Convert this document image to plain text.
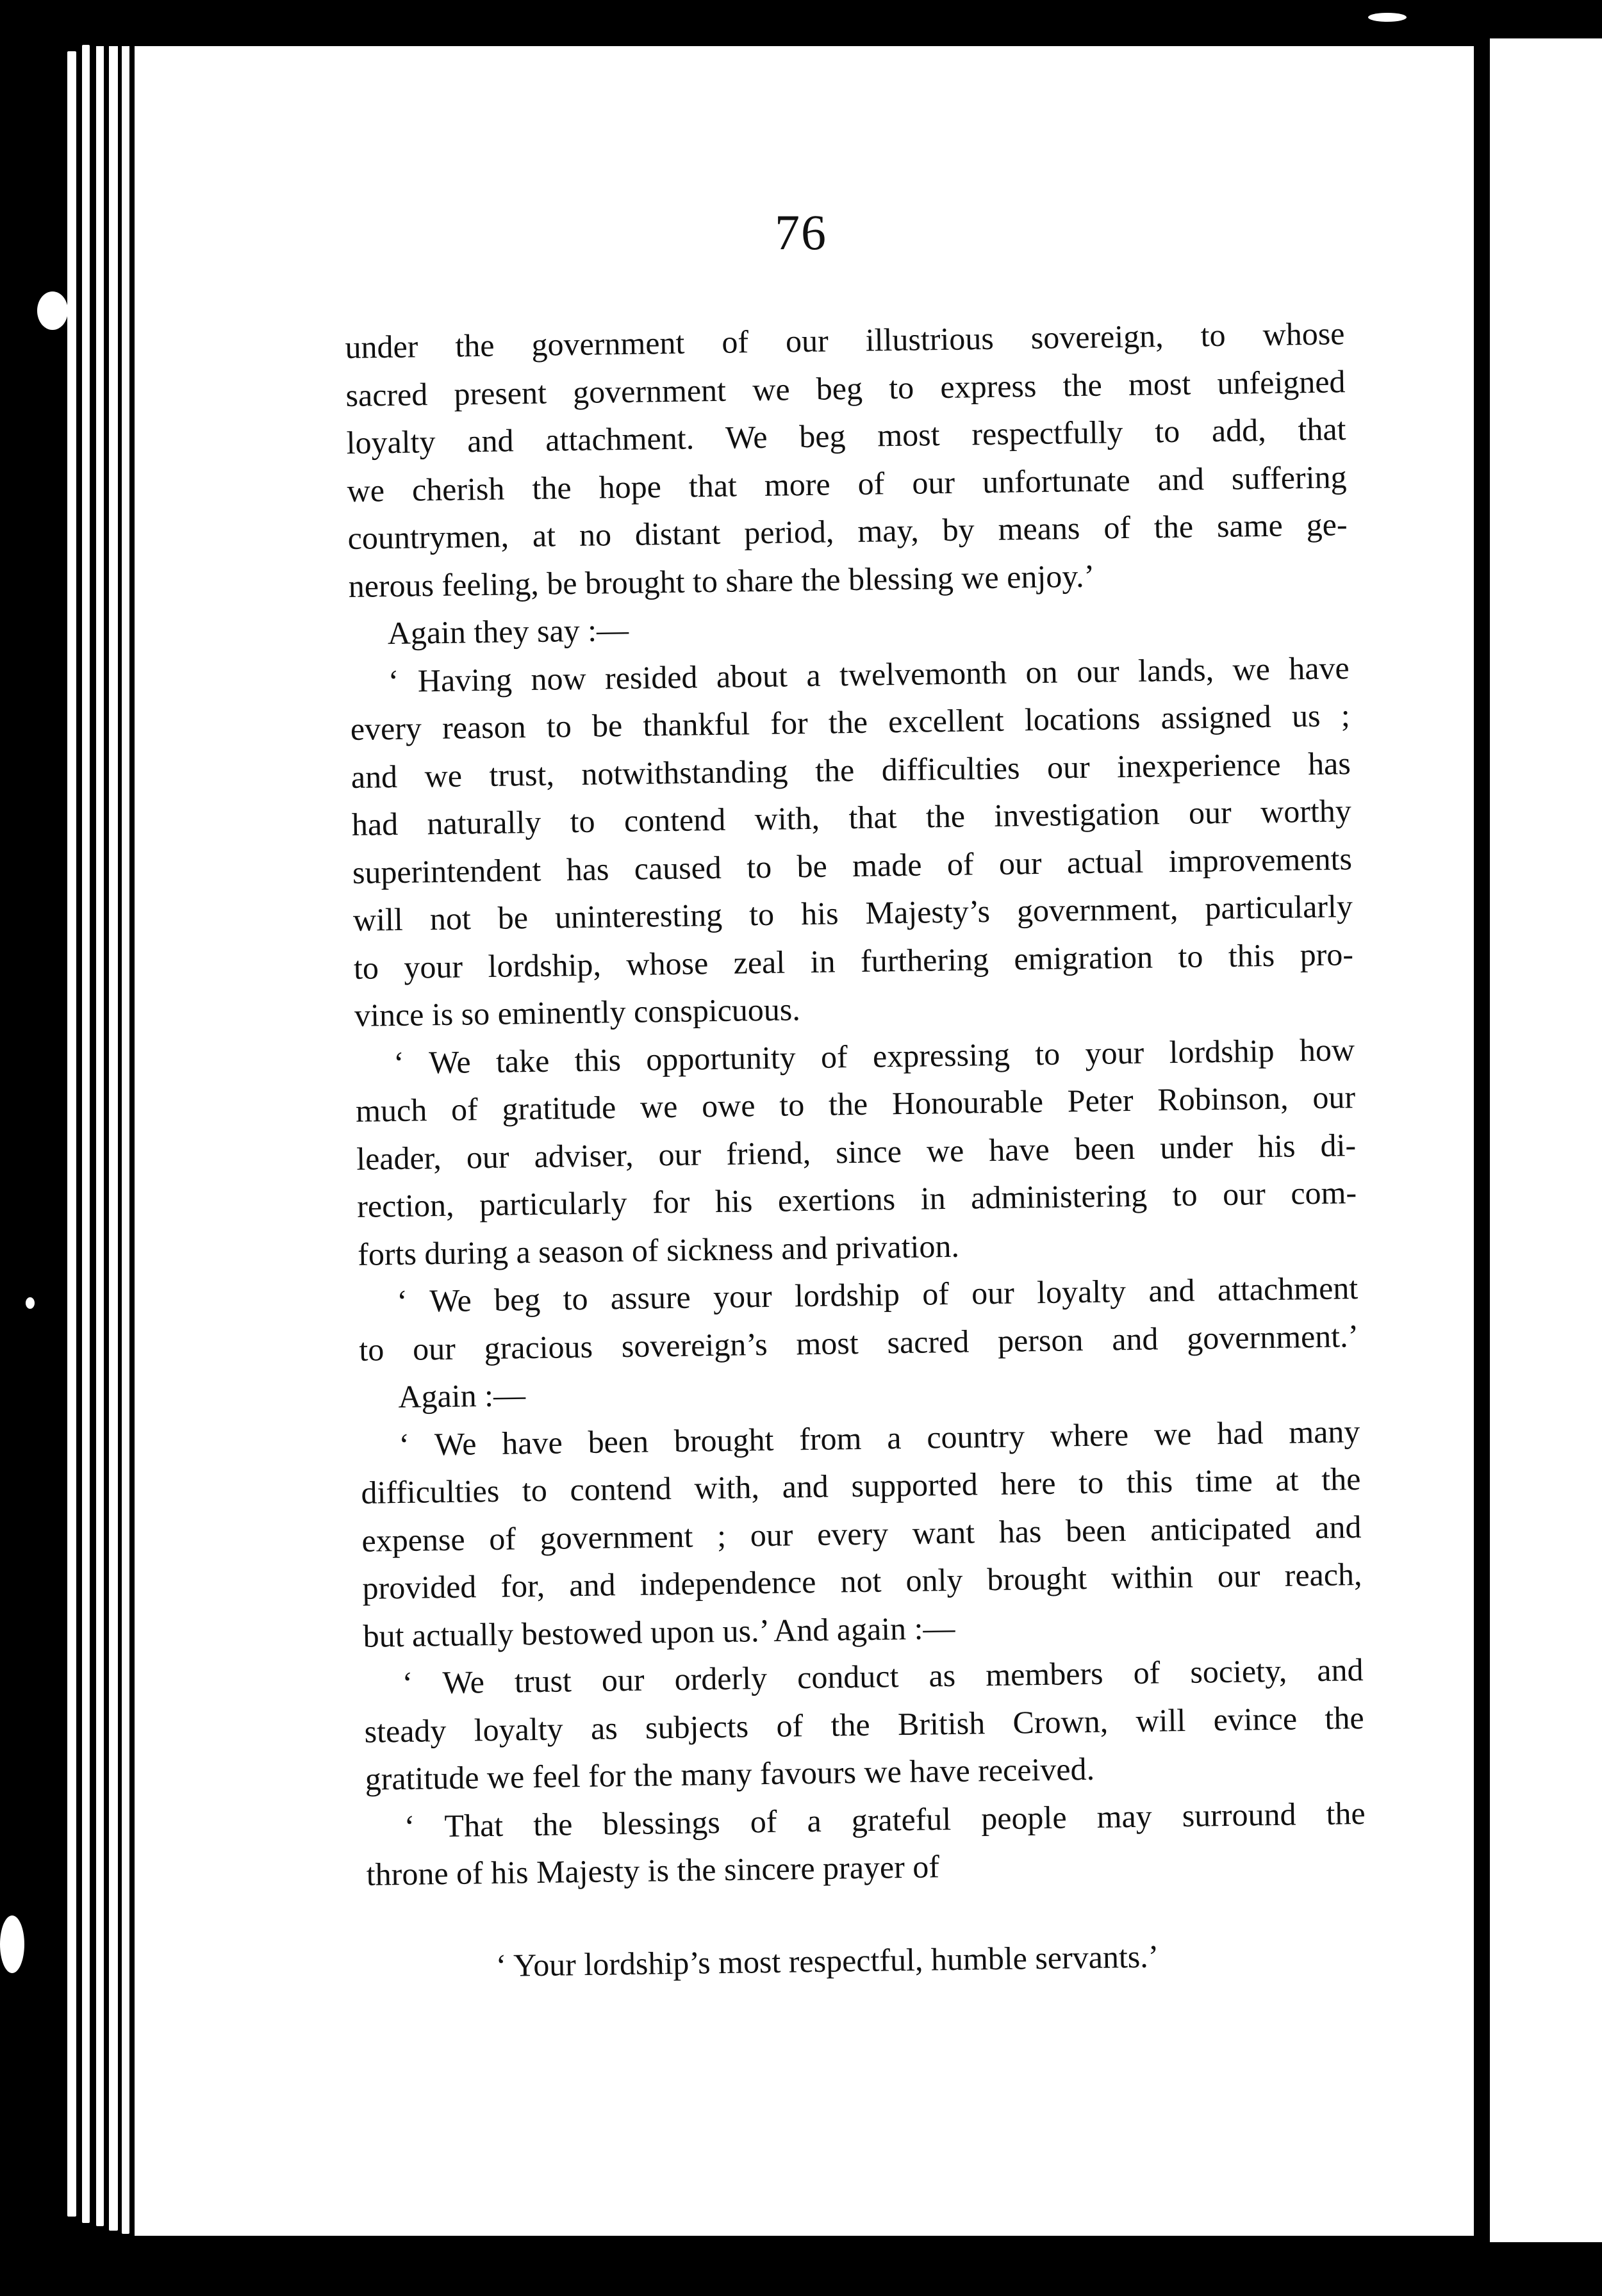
76
under the government of our illustrious sovereign, to whose
sacred present government we beg to express the most unfeigned
loyalty and attachment. We beg most respectfully to add, that
we cherish the hope that more of our unfortunate and suffering
countrymen, at no distant period, may, by means of the same ge-
nerous feeling, be brought to share the blessing we enjoy.’
Again they say :—
‘ Having now resided about a twelvemonth on our lands, we have
every reason to be thankful for the excellent locations assigned us ;
and we trust, notwithstanding the difficulties our inexperience has
had naturally to contend with, that the investigation our worthy
superintendent has caused to be made of our actual improvements
will not be uninteresting to his Majesty’s government, particularly
to your lordship, whose zeal in furthering emigration to this pro-
vince is so eminently conspicuous.
‘ We take this opportunity of expressing to your lordship how
much of gratitude we owe to the Honourable Peter Robinson, our
leader, our adviser, our friend, since we have been under his di-
rection, particularly for his exertions in administering to our com-
forts during a season of sickness and privation.
‘ We beg to assure your lordship of our loyalty and attachment
to our gracious sovereign’s most sacred person and government.’
Again :—
‘ We have been brought from a country where we had many
difficulties to contend with, and supported here to this time at the
expense of government ; our every want has been anticipated and
provided for, and independence not only brought within our reach,
but actually bestowed upon us.’ And again :—
‘ We trust our orderly conduct as members of society, and
steady loyalty as subjects of the British Crown, will evince the
gratitude we feel for the many favours we have received.
‘ That the blessings of a grateful people may surround the
throne of his Majesty is the sincere prayer of
‘ Your lordship’s most respectful, humble servants.’
